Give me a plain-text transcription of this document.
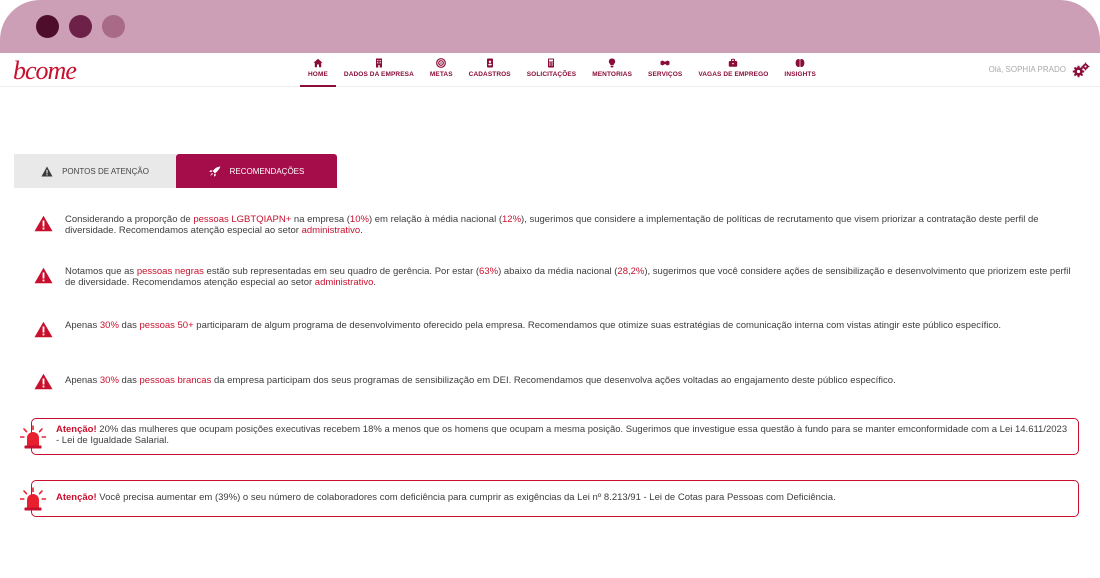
bcome	HOME DADOS DA EMPRESA METAS CADASTROS SOLICITAÇÕES MENTORIAS SERVIÇOS VAGAS DE EMPREGO INSIGHTS
Olá, SOPHIA PRADO
PONTOS DE ATENÇÃO	RECOMENDAÇÕES

Considerando a proporção de pessoas LGBTQIAPN+ na empresa (10%) em relação à média nacional (12%), sugerimos que considere a implementação de políticas de recrutamento que visem priorizar a contratação deste perfil de diversidade. Recomendamos atenção especial ao setor administrativo.

Notamos que as pessoas negras estão sub representadas em seu quadro de gerência. Por estar (63%) abaixo da média nacional (28,2%), sugerimos que você considere ações de sensibilização e desenvolvimento que priorizem este perfil de diversidade. Recomendamos atenção especial ao setor administrativo.

Apenas 30% das pessoas 50+ participaram de algum programa de desenvolvimento oferecido pela empresa. Recomendamos que otimize suas estratégias de comunicação interna com vistas atingir este público específico.

Apenas 30% das pessoas brancas da empresa participam dos seus programas de sensibilização em DEI. Recomendamos que desenvolva ações voltadas ao engajamento deste público específico.

Atenção! 20% das mulheres que ocupam posições executivas recebem 18% a menos que os homens que ocupam a mesma posição. Sugerimos que investigue essa questão à fundo para se manter emconformidade com a Lei 14.611/2023 - Lei de Igualdade Salarial.

Atenção! Você precisa aumentar em (39%) o seu número de colaboradores com deficiência para cumprir as exigências da Lei nº 8.213/91 - Lei de Cotas para Pessoas com Deficiência.
